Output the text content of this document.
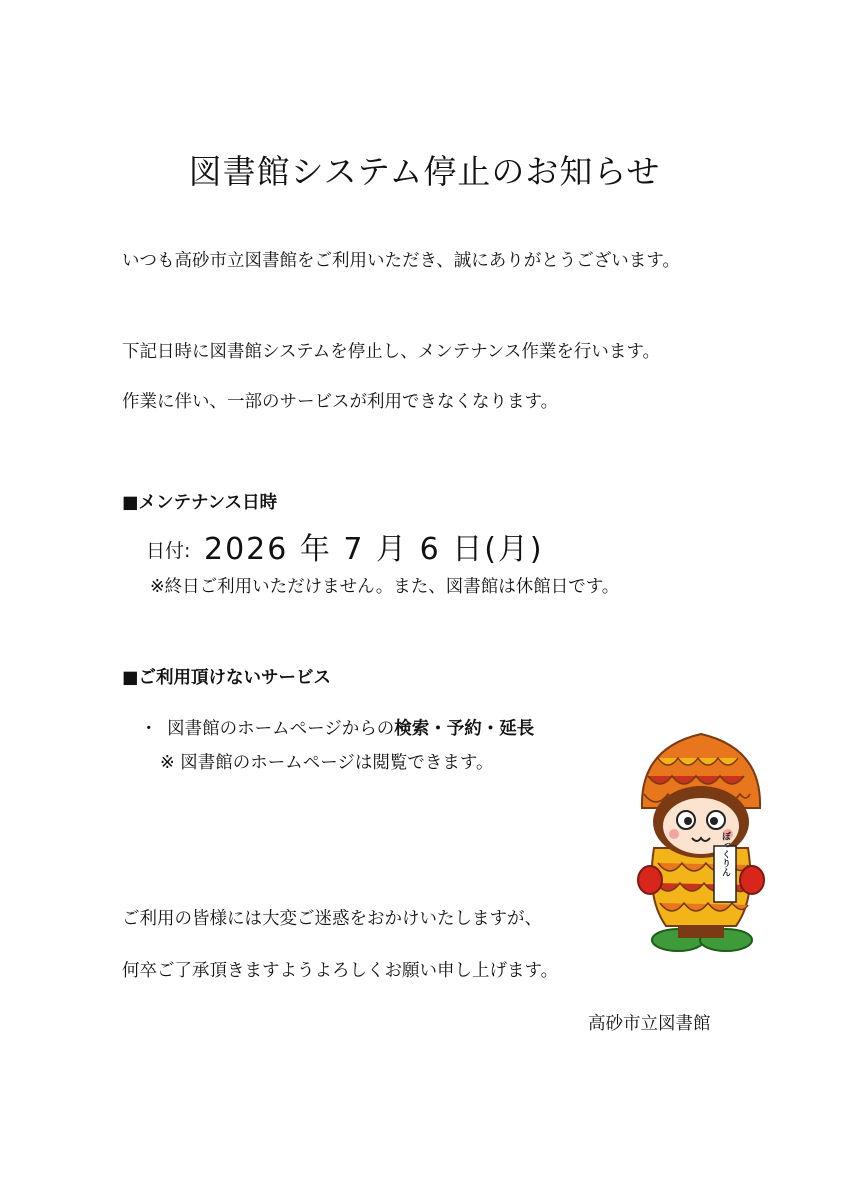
図書館システム停止のお知らせ
いつも高砂市立図書館をご利用いただき、誠にありがとうございます。
下記日時に図書館システムを停止し、メンテナンス作業を行います。
作業に伴い、一部のサービスが利用できなくなります。
■メンテナンス日時
日付: 2026 年 7 月 6 日(月)
※終日ご利用いただけません。また、図書館は休館日です。
■ご利用頂けないサービス
・ 図書館のホームページからの検索・予約・延長
※ 図書館のホームページは閲覧できます。
ご利用の皆様には大変ご迷惑をおかけいたしますが、
何卒ご了承頂きますようよろしくお願い申し上げます。
高砂市立図書館
ぼっくりん
